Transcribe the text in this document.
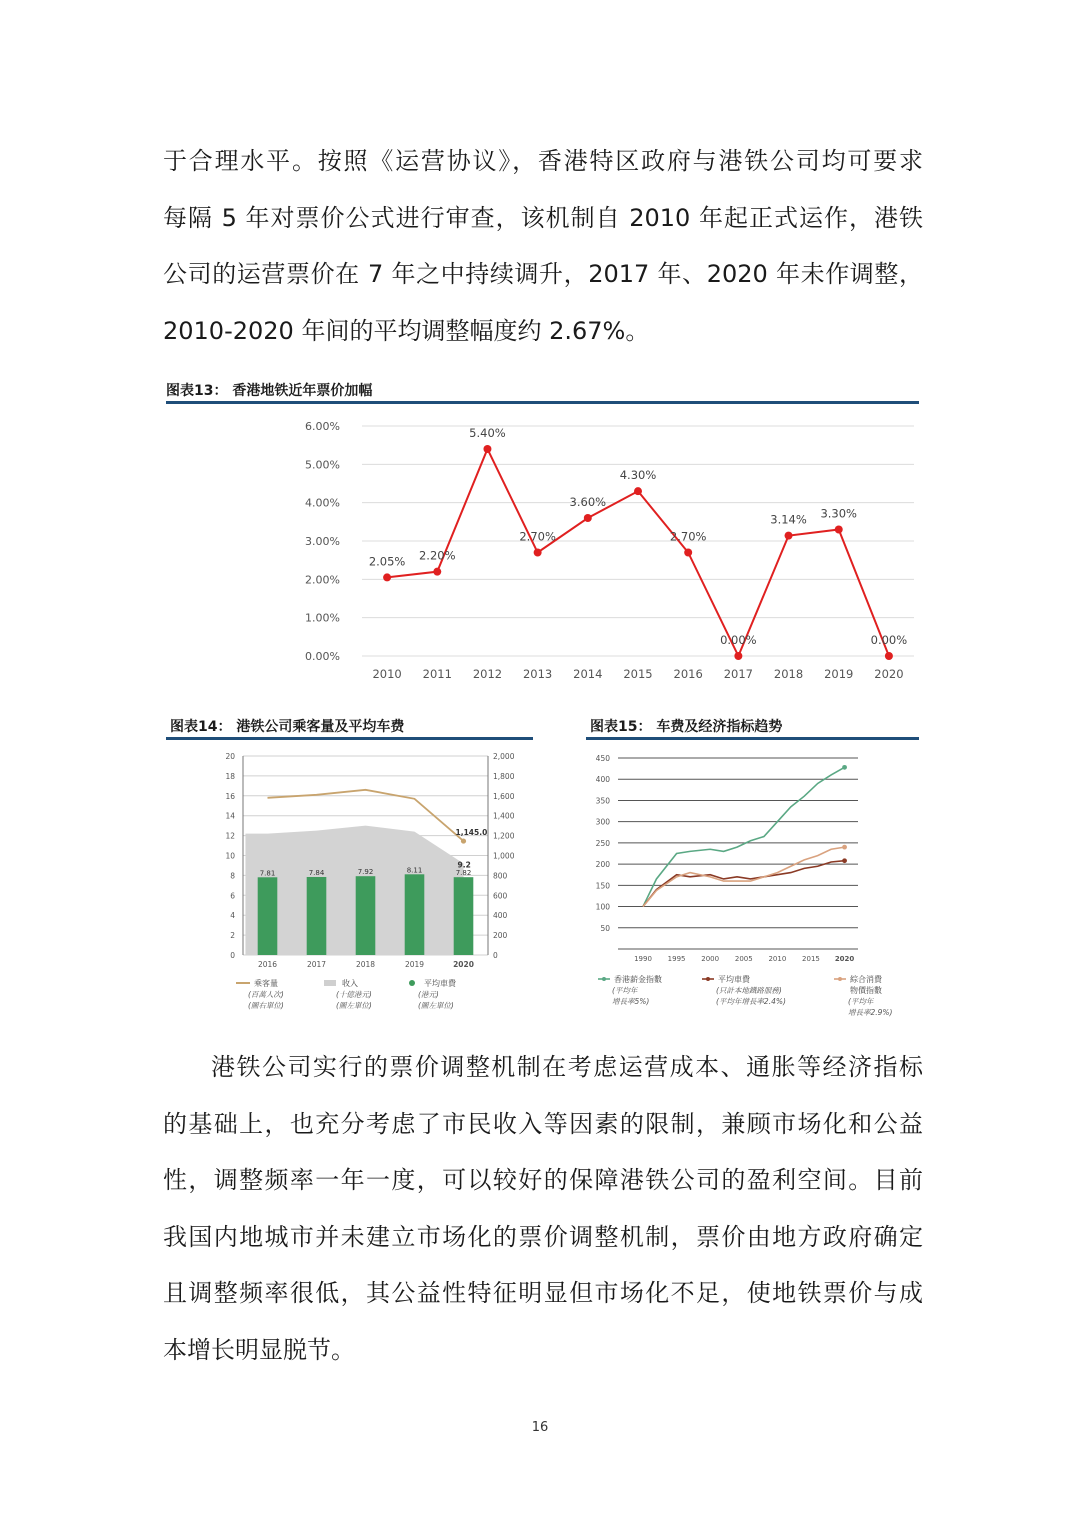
于合理水平。按照《运营协议》，香港特区政府与港铁公司均可要求
每隔 5 年对票价公式进行审查，该机制自 2010 年起正式运作，港铁
公司的运营票价在 7 年之中持续调升，2017 年、2020 年未作调整，
2010-2020 年间的平均调整幅度约 2.67%。
图表13： 香港地铁近年票价加幅
0.00%
1.00%
2.00%
3.00%
4.00%
5.00%
6.00%
2010 2011 2012 2013 2014 2015 2016 2017 2018 2019 2020
2.05% 2.20%
5.40%
2.70%
3.60%
4.30%
2.70%
0.00%
3.14% 3.30%
0.00%
图表14： 港铁公司乘客量及平均车费
0
2
4
6
8
10
12
14
16
18
20
0
200
400
600
800
1,000
1,200
1,400
1,600
1,800
2,000
7.81	7.84	7.92	8.11	7.82
1,145.0
9.2
2016	2017	2018	2019	2020
乘客量
(百萬人次)
(圖右單位)
收入
(十億港元)
(圖左單位)
平均車費
(港元)
(圖左單位)
图表15： 车费及经济指标趋势
50
100
150
200
250
300
350
400
450
1990 1995 2000 2005 2010 2015 2020
香港薪金指數
(平均年
增長率5%)
平均車費
(只計本地鐵路服務)
(平均年增長率2.4%)
綜合消費
物價指數
(平均年
增長率2.9%)
港铁公司实行的票价调整机制在考虑运营成本、通胀等经济指标
的基础上，也充分考虑了市民收入等因素的限制，兼顾市场化和公益
性，调整频率一年一度，可以较好的保障港铁公司的盈利空间。目前
我国内地城市并未建立市场化的票价调整机制，票价由地方政府确定
且调整频率很低，其公益性特征明显但市场化不足，使地铁票价与成
本增长明显脱节。
16
